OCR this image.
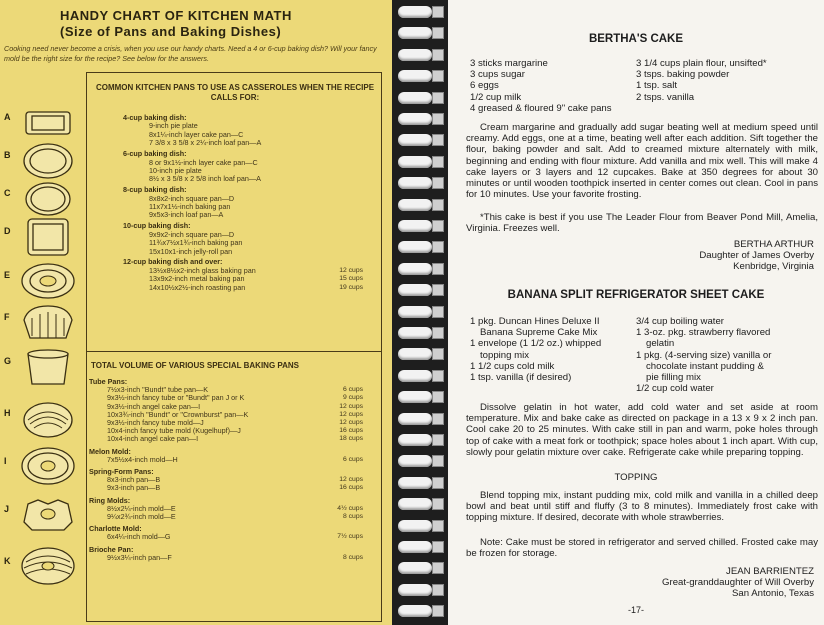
HANDY CHART OF KITCHEN MATH
(Size of Pans and Baking Dishes)
Cooking need never become a crisis, when you use our handy charts. Need a 4 or 6-cup baking dish? Will your fancy mold be the right size for the recipe? See below for the answers.
A
B
C
D
E
F
G
H
I
J
K
COMMON KITCHEN PANS TO USE AS CASSEROLES WHEN THE RECIPE CALLS FOR:
4-cup baking dish:
9-inch pie plate
8x1¼-inch layer cake pan—C
7 3/8 x 3 5/8 x 2¼-inch loaf pan—A
6-cup baking dish:
8 or 9x1½-inch layer cake pan—C
10-inch pie plate
8½ x 3 5/8 x 2 5/8 inch loaf pan—A
8-cup baking dish:
8x8x2-inch square pan—D
11x7x1½-inch baking pan
9x5x3-inch loaf pan—A
10-cup baking dish:
9x9x2-inch square pan—D
11¾x7½x1¾-inch baking pan
15x10x1-inch jelly-roll pan
12-cup baking dish and over:
13½x8½x2-inch glass baking pan	12 cups
13x9x2-inch metal baking pan	15 cups
14x10½x2½-inch roasting pan	19 cups
TOTAL VOLUME OF VARIOUS SPECIAL BAKING PANS
Tube Pans:
7½x3-inch "Bundt" tube pan—K	6 cups
9x3½-inch fancy tube or "Bundt" pan J or K	9 cups
9x3½-inch angel cake pan—I	12 cups
10x3¾-inch "Bundt" or "Crownburst" pan—K	12 cups
9x3½-inch fancy tube mold—J	12 cups
10x4-inch fancy tube mold (Kugelhupf)—J	16 cups
10x4-inch angel cake pan—I	18 cups
Melon Mold:
7x5½x4-inch mold—H	6 cups
Spring-Form Pans:
8x3-inch pan—B	12 cups
9x3-inch pan—B	16 cups
Ring Molds:
8½x2¼-inch mold—E	4½ cups
9¼x2¾-inch mold—E	8 cups
Charlotte Mold:
6x4¼-inch mold—G	7½ cups
Brioche Pan:
9½x3¼-inch pan—F	8 cups
BERTHA'S CAKE
3 sticks margarine
3 cups sugar
6 eggs
1/2 cup milk
4 greased & floured 9" cake pans
3 1/4 cups plain flour, unsifted*
3 tsps. baking powder
1 tsp. salt
2 tsps. vanilla
Cream margarine and gradually add sugar beating well at medium speed until creamy. Add eggs, one at a time, beating well after each addition. Sift together the flour, baking powder and salt. Add to creamed mixture alternately with milk, beginning and ending with flour mixture. Add vanilla and mix well. This will make 4 cake layers or 3 layers and 12 cupcakes. Bake at 350 degrees for about 30 minutes or until wooden toothpick inserted in center comes out clean. Cool in pans for 10 minutes. Use your favorite frosting.
*This cake is best if you use The Leader Flour from Beaver Pond Mill, Amelia, Virginia. Freezes well.
BERTHA ARTHUR
Daughter of James Overby
Kenbridge, Virginia
BANANA SPLIT REFRIGERATOR SHEET CAKE
1 pkg. Duncan Hines Deluxe II
Banana Supreme Cake Mix
1 envelope (1 1/2 oz.) whipped
topping mix
1 1/2 cups cold milk
1 tsp. vanilla (if desired)
3/4 cup boiling water
1 3-oz. pkg. strawberry flavored
gelatin
1 pkg. (4-serving size) vanilla or
chocolate instant pudding &
pie filling mix
1/2 cup cold water
Dissolve gelatin in hot water, add cold water and set aside at room temperature. Mix and bake cake as directed on package in a 13 x 9 x 2 inch pan. Cool cake 20 to 25 minutes. With cake still in pan and warm, poke holes through top of cake with a meat fork or toothpick; space holes about 1 inch apart. With cup, slowly pour gelatin mixture over cake. Refrigerate cake while preparing topping.
TOPPING
Blend topping mix, instant pudding mix, cold milk and vanilla in a chilled deep bowl and beat until stiff and fluffy (3 to 8 minutes). Immediately frost cake with topping mixture. If desired, decorate with whole strawberries.
Note: Cake must be stored in refrigerator and served chilled. Frosted cake may be frozen for storage.
JEAN BARRIENTEZ
Great-granddaughter of Will Overby
San Antonio, Texas
-17-
